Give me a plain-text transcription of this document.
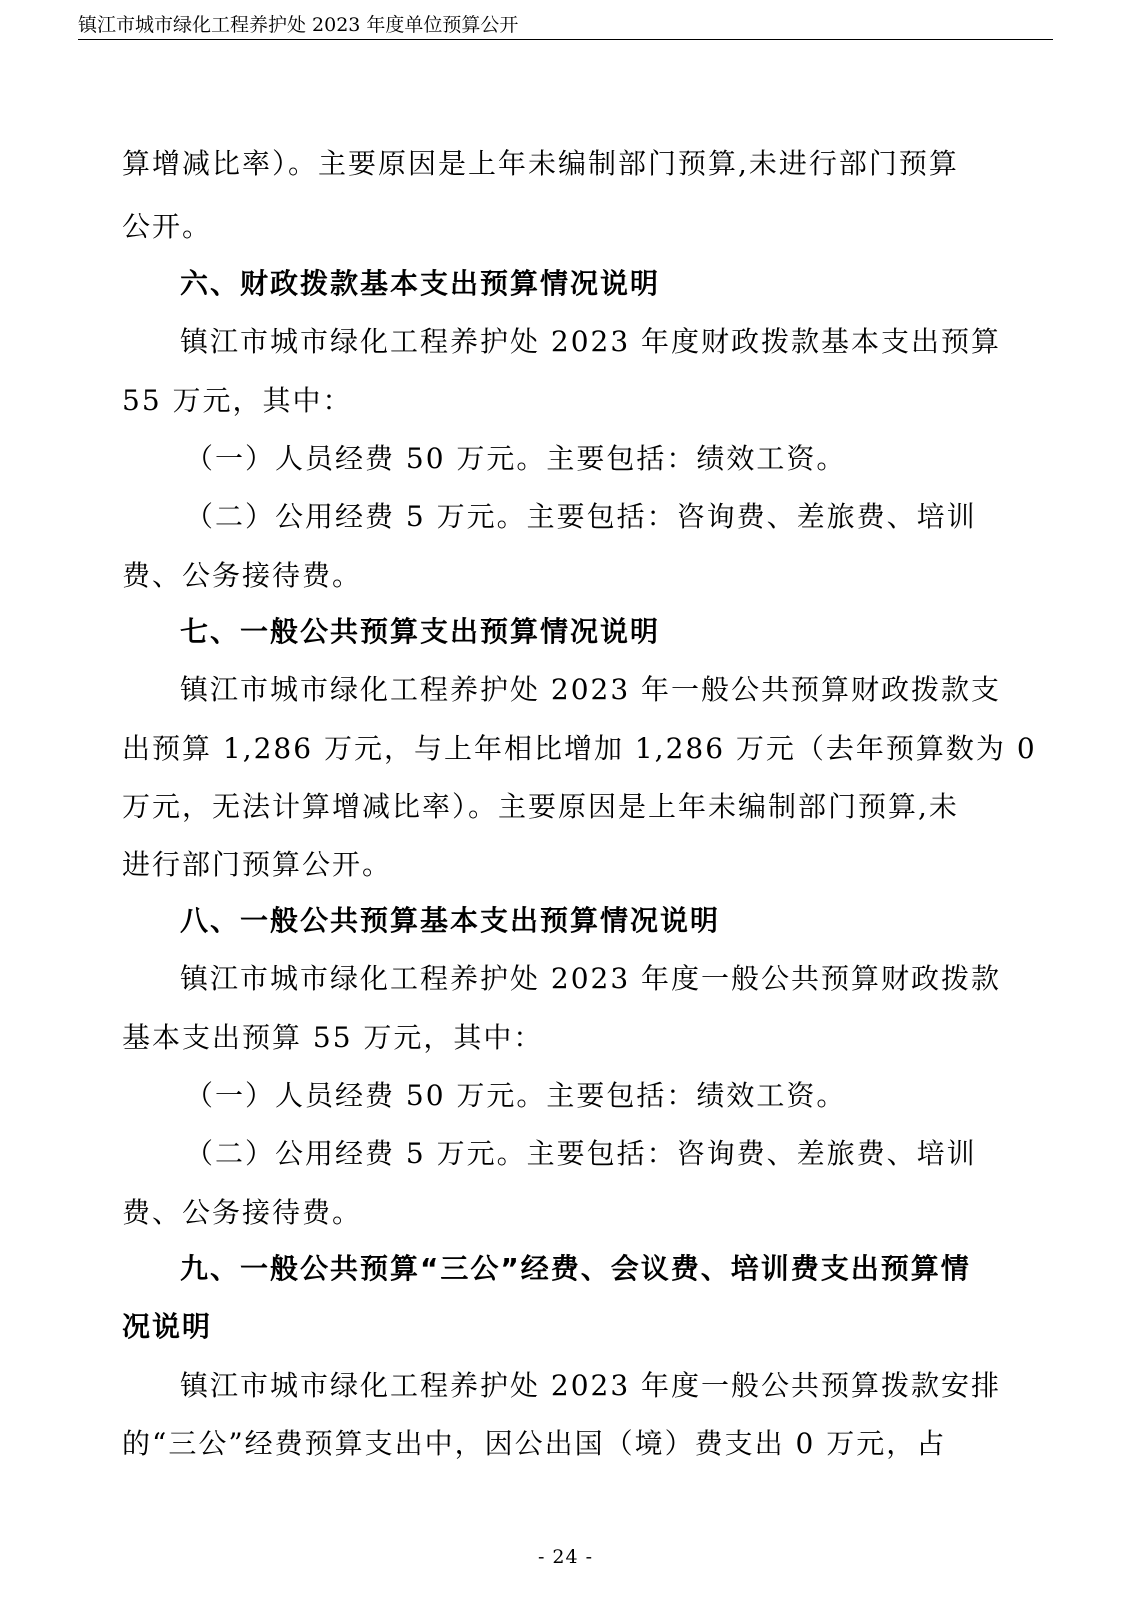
镇江市城市绿化工程养护处 2023 年度单位预算公开
算增减比率）。主要原因是上年未编制部门预算,未进行部门预算
公开。
六、财政拨款基本支出预算情况说明
镇江市城市绿化工程养护处 2023 年度财政拨款基本支出预算
55 万元，其中：
（一）人员经费 50 万元。主要包括：绩效工资。
（二）公用经费 5 万元。主要包括：咨询费、差旅费、培训
费、公务接待费。
七、一般公共预算支出预算情况说明
镇江市城市绿化工程养护处 2023 年一般公共预算财政拨款支
出预算 1,286 万元，与上年相比增加 1,286 万元（去年预算数为 0
万元，无法计算增减比率）。主要原因是上年未编制部门预算,未
进行部门预算公开。
八、一般公共预算基本支出预算情况说明
镇江市城市绿化工程养护处 2023 年度一般公共预算财政拨款
基本支出预算 55 万元，其中：
（一）人员经费 50 万元。主要包括：绩效工资。
（二）公用经费 5 万元。主要包括：咨询费、差旅费、培训
费、公务接待费。
九、一般公共预算“三公”经费、会议费、培训费支出预算情
况说明
镇江市城市绿化工程养护处 2023 年度一般公共预算拨款安排
的“三公”经费预算支出中，因公出国（境）费支出 0 万元，占
- 24 -
